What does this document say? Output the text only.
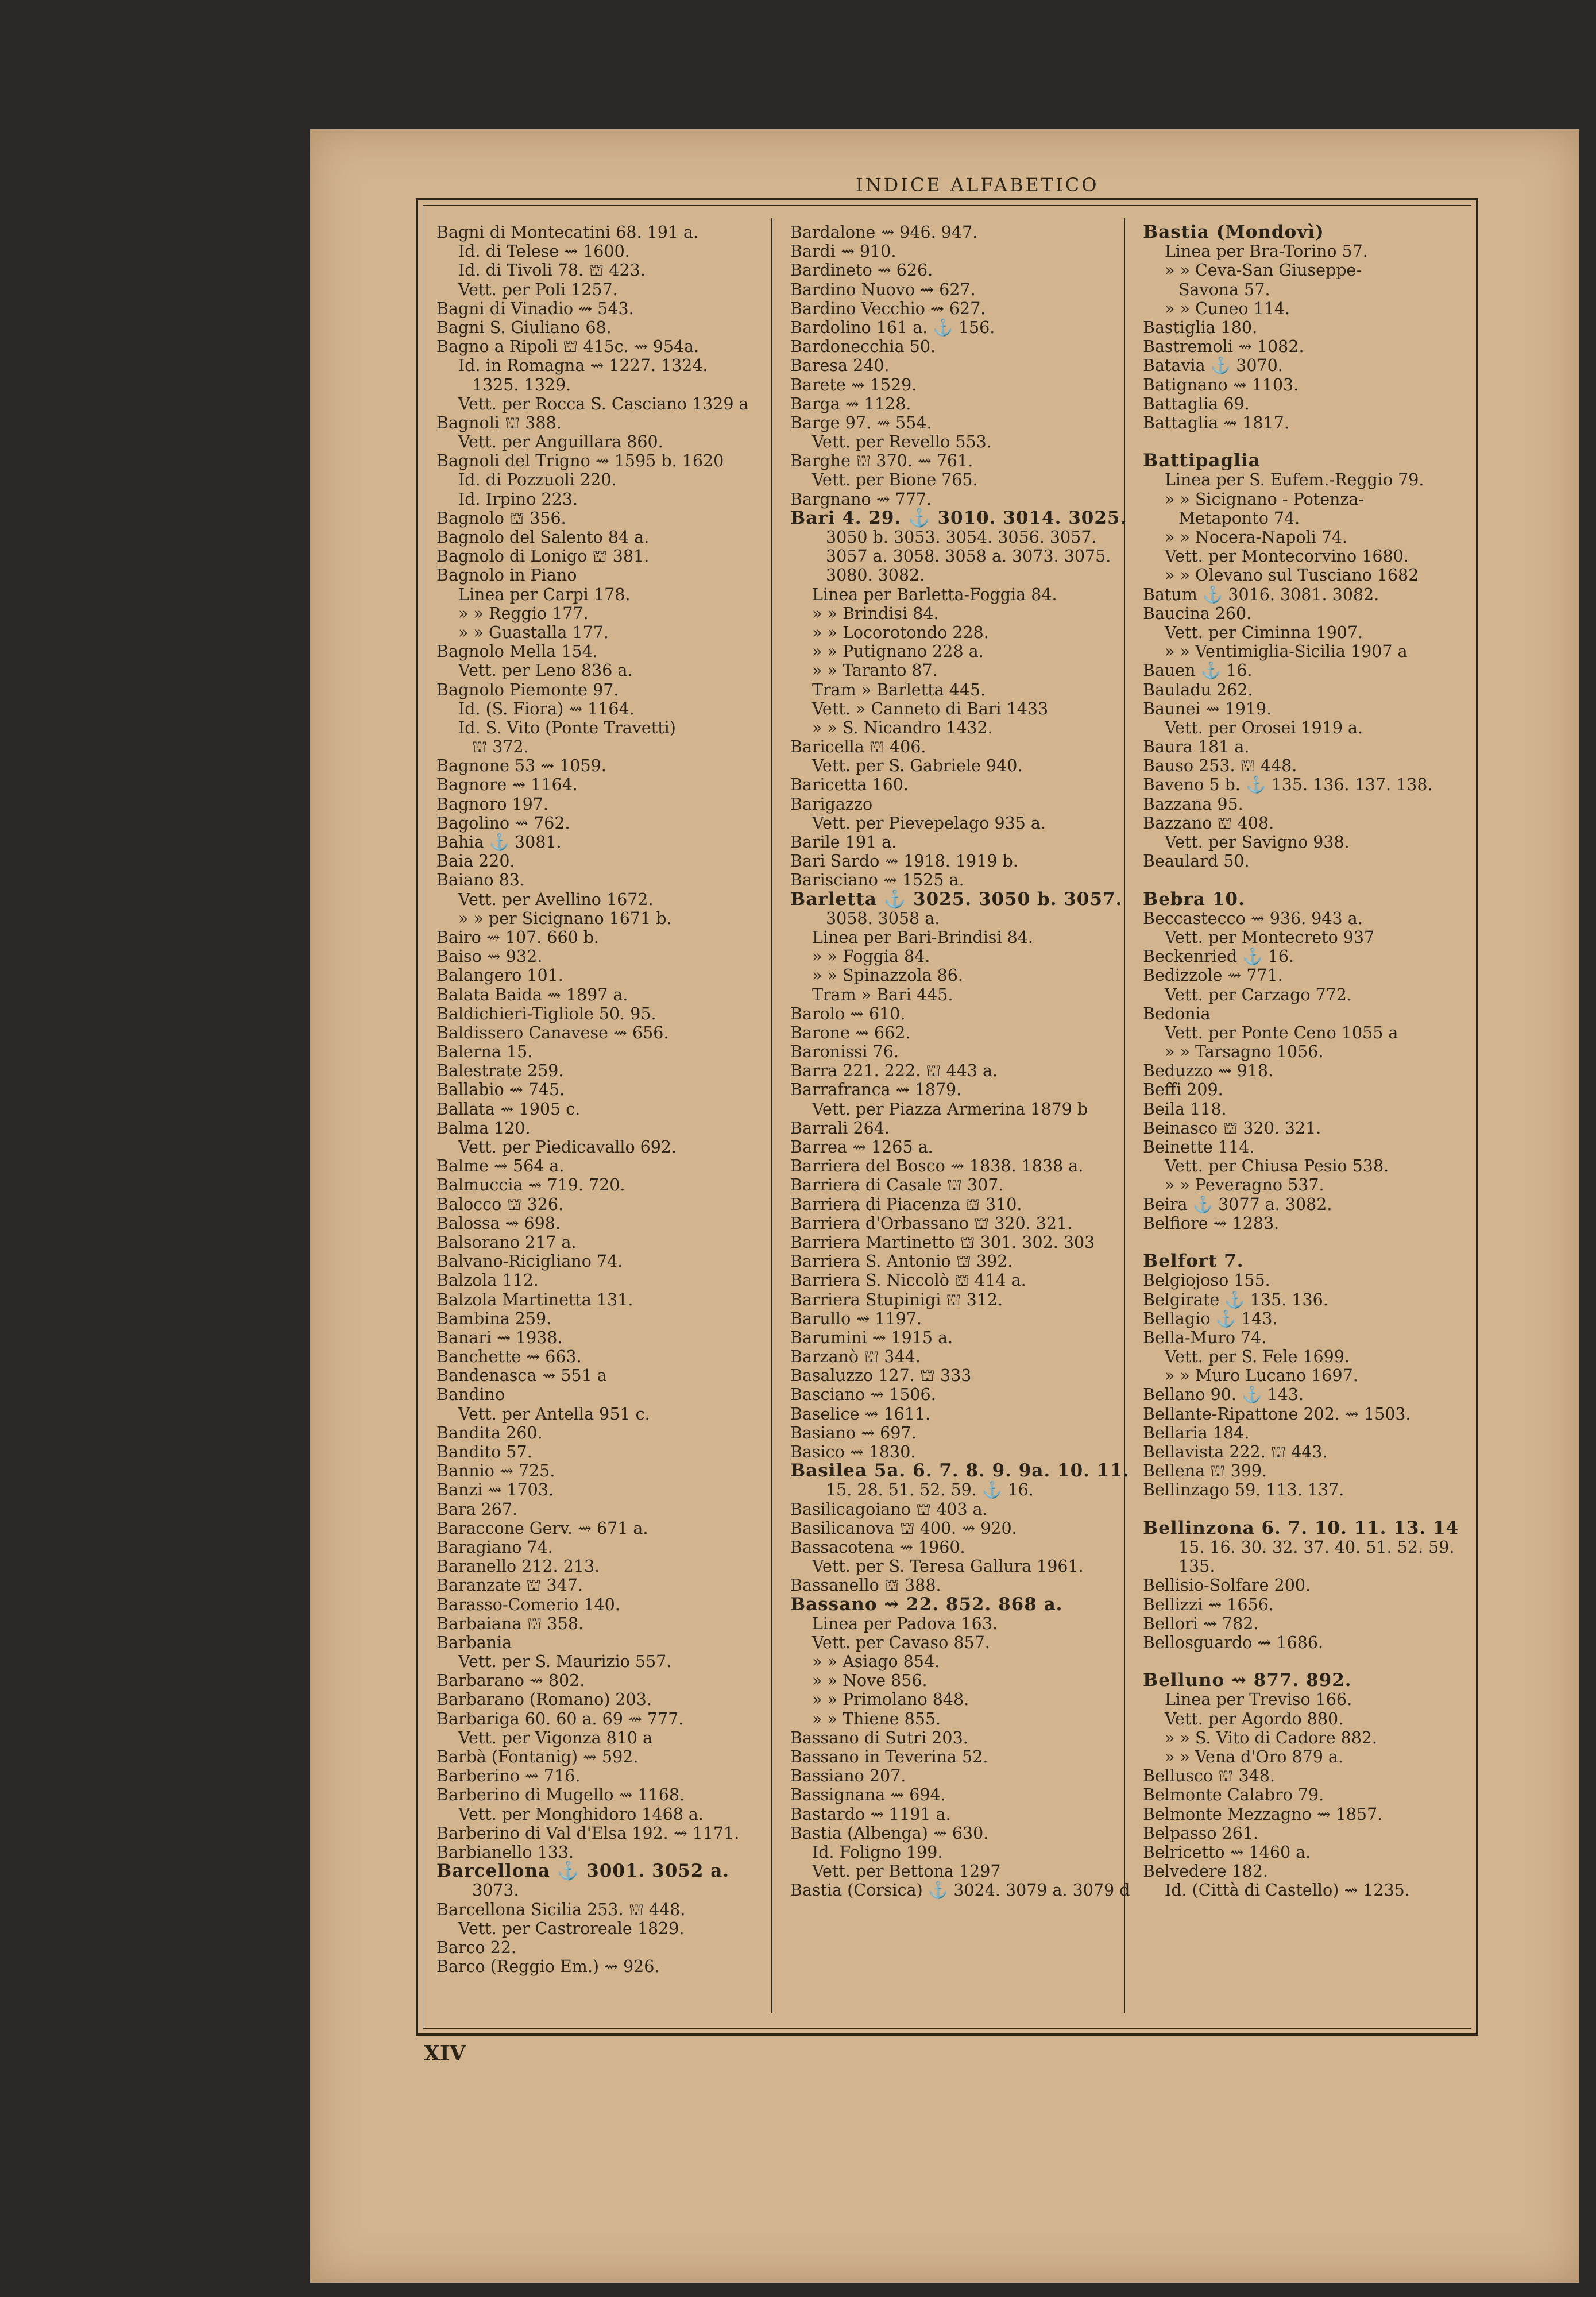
INDICE ALFABETICO
Bagni di Montecatini 68. 191 a.
Id. di Telese ⇝ 1600.
Id. di Tivoli 78. ⛫ 423.
Vett. per Poli 1257.
Bagni di Vinadio ⇝ 543.
Bagni S. Giuliano 68.
Bagno a Ripoli ⛫ 415c. ⇝ 954a.
Id. in Romagna ⇝ 1227. 1324.
1325. 1329.
Vett. per Rocca S. Casciano 1329 a
Bagnoli ⛫ 388.
Vett. per Anguillara 860.
Bagnoli del Trigno ⇝ 1595 b. 1620
Id. di Pozzuoli 220.
Id. Irpino 223.
Bagnolo ⛫ 356.
Bagnolo del Salento 84 a.
Bagnolo di Lonigo ⛫ 381.
Bagnolo in Piano
Linea per Carpi 178.
» » Reggio 177.
» » Guastalla 177.
Bagnolo Mella 154.
Vett. per Leno 836 a.
Bagnolo Piemonte 97.
Id. (S. Fiora) ⇝ 1164.
Id. S. Vito (Ponte Travetti)
⛫ 372.
Bagnone 53 ⇝ 1059.
Bagnore ⇝ 1164.
Bagnoro 197.
Bagolino ⇝ 762.
Bahia ⚓ 3081.
Baia 220.
Baiano 83.
Vett. per Avellino 1672.
» » per Sicignano 1671 b.
Bairo ⇝ 107. 660 b.
Baiso ⇝ 932.
Balangero 101.
Balata Baida ⇝ 1897 a.
Baldichieri-Tigliole 50. 95.
Baldissero Canavese ⇝ 656.
Balerna 15.
Balestrate 259.
Ballabio ⇝ 745.
Ballata ⇝ 1905 c.
Balma 120.
Vett. per Piedicavallo 692.
Balme ⇝ 564 a.
Balmuccia ⇝ 719. 720.
Balocco ⛫ 326.
Balossa ⇝ 698.
Balsorano 217 a.
Balvano-Ricigliano 74.
Balzola 112.
Balzola Martinetta 131.
Bambina 259.
Banari ⇝ 1938.
Banchette ⇝ 663.
Bandenasca ⇝ 551 a
Bandino
Vett. per Antella 951 c.
Bandita 260.
Bandito 57.
Bannio ⇝ 725.
Banzi ⇝ 1703.
Bara 267.
Baraccone Gerv. ⇝ 671 a.
Baragiano 74.
Baranello 212. 213.
Baranzate ⛫ 347.
Barasso-Comerio 140.
Barbaiana ⛫ 358.
Barbania
Vett. per S. Maurizio 557.
Barbarano ⇝ 802.
Barbarano (Romano) 203.
Barbariga 60. 60 a. 69 ⇝ 777.
Vett. per Vigonza 810 a
Barbà (Fontanig) ⇝ 592.
Barberino ⇝ 716.
Barberino di Mugello ⇝ 1168.
Vett. per Monghidoro 1468 a.
Barberino di Val d'Elsa 192. ⇝ 1171.
Barbianello 133.
Barcellona ⚓ 3001. 3052 a.
3073.
Barcellona Sicilia 253. ⛫ 448.
Vett. per Castroreale 1829.
Barco 22.
Barco (Reggio Em.) ⇝ 926.
Bardalone ⇝ 946. 947.
Bardi ⇝ 910.
Bardineto ⇝ 626.
Bardino Nuovo ⇝ 627.
Bardino Vecchio ⇝ 627.
Bardolino 161 a. ⚓ 156.
Bardonecchia 50.
Baresa 240.
Barete ⇝ 1529.
Barga ⇝ 1128.
Barge 97. ⇝ 554.
Vett. per Revello 553.
Barghe ⛫ 370. ⇝ 761.
Vett. per Bione 765.
Bargnano ⇝ 777.
Bari 4. 29. ⚓ 3010. 3014. 3025.
3050 b. 3053. 3054. 3056. 3057.
3057 a. 3058. 3058 a. 3073. 3075.
3080. 3082.
Linea per Barletta-Foggia 84.
» » Brindisi 84.
» » Locorotondo 228.
» » Putignano 228 a.
» » Taranto 87.
Tram » Barletta 445.
Vett. » Canneto di Bari 1433
» » S. Nicandro 1432.
Baricella ⛫ 406.
Vett. per S. Gabriele 940.
Baricetta 160.
Barigazzo
Vett. per Pievepelago 935 a.
Barile 191 a.
Bari Sardo ⇝ 1918. 1919 b.
Barisciano ⇝ 1525 a.
Barletta ⚓ 3025. 3050 b. 3057.
3058. 3058 a.
Linea per Bari-Brindisi 84.
» » Foggia 84.
» » Spinazzola 86.
Tram » Bari 445.
Barolo ⇝ 610.
Barone ⇝ 662.
Baronissi 76.
Barra 221. 222. ⛫ 443 a.
Barrafranca ⇝ 1879.
Vett. per Piazza Armerina 1879 b
Barrali 264.
Barrea ⇝ 1265 a.
Barriera del Bosco ⇝ 1838. 1838 a.
Barriera di Casale ⛫ 307.
Barriera di Piacenza ⛫ 310.
Barriera d'Orbassano ⛫ 320. 321.
Barriera Martinetto ⛫ 301. 302. 303
Barriera S. Antonio ⛫ 392.
Barriera S. Niccolò ⛫ 414 a.
Barriera Stupinigi ⛫ 312.
Barullo ⇝ 1197.
Barumini ⇝ 1915 a.
Barzanò ⛫ 344.
Basaluzzo 127. ⛫ 333
Basciano ⇝ 1506.
Baselice ⇝ 1611.
Basiano ⇝ 697.
Basico ⇝ 1830.
Basilea 5a. 6. 7. 8. 9. 9a. 10. 11.
15. 28. 51. 52. 59. ⚓ 16.
Basilicagoiano ⛫ 403 a.
Basilicanova ⛫ 400. ⇝ 920.
Bassacotena ⇝ 1960.
Vett. per S. Teresa Gallura 1961.
Bassanello ⛫ 388.
Bassano ⇝ 22. 852. 868 a.
Linea per Padova 163.
Vett. per Cavaso 857.
» » Asiago 854.
» » Nove 856.
» » Primolano 848.
» » Thiene 855.
Bassano di Sutri 203.
Bassano in Teverina 52.
Bassiano 207.
Bassignana ⇝ 694.
Bastardo ⇝ 1191 a.
Bastia (Albenga) ⇝ 630.
Id. Foligno 199.
Vett. per Bettona 1297
Bastia (Corsica) ⚓ 3024. 3079 a. 3079 d
Bastia (Mondovì)
Linea per Bra-Torino 57.
» » Ceva-San Giuseppe-
Savona 57.
» » Cuneo 114.
Bastiglia 180.
Bastremoli ⇝ 1082.
Batavia ⚓ 3070.
Batignano ⇝ 1103.
Battaglia 69.
Battaglia ⇝ 1817.
Battipaglia
Linea per S. Eufem.-Reggio 79.
» » Sicignano - Potenza-
Metaponto 74.
» » Nocera-Napoli 74.
Vett. per Montecorvino 1680.
» » Olevano sul Tusciano 1682
Batum ⚓ 3016. 3081. 3082.
Baucina 260.
Vett. per Ciminna 1907.
» » Ventimiglia-Sicilia 1907 a
Bauen ⚓ 16.
Bauladu 262.
Baunei ⇝ 1919.
Vett. per Orosei 1919 a.
Baura 181 a.
Bauso 253. ⛫ 448.
Baveno 5 b. ⚓ 135. 136. 137. 138.
Bazzana 95.
Bazzano ⛫ 408.
Vett. per Savigno 938.
Beaulard 50.
Bebra 10.
Beccastecco ⇝ 936. 943 a.
Vett. per Montecreto 937
Beckenried ⚓ 16.
Bedizzole ⇝ 771.
Vett. per Carzago 772.
Bedonia
Vett. per Ponte Ceno 1055 a
» » Tarsagno 1056.
Beduzzo ⇝ 918.
Beffi 209.
Beila 118.
Beinasco ⛫ 320. 321.
Beinette 114.
Vett. per Chiusa Pesio 538.
» » Peveragno 537.
Beira ⚓ 3077 a. 3082.
Belfiore ⇝ 1283.
Belfort 7.
Belgiojoso 155.
Belgirate ⚓ 135. 136.
Bellagio ⚓ 143.
Bella-Muro 74.
Vett. per S. Fele 1699.
» » Muro Lucano 1697.
Bellano 90. ⚓ 143.
Bellante-Ripattone 202. ⇝ 1503.
Bellaria 184.
Bellavista 222. ⛫ 443.
Bellena ⛫ 399.
Bellinzago 59. 113. 137.
Bellinzona 6. 7. 10. 11. 13. 14
15. 16. 30. 32. 37. 40. 51. 52. 59.
135.
Bellisio-Solfare 200.
Bellizzi ⇝ 1656.
Bellori ⇝ 782.
Bellosguardo ⇝ 1686.
Belluno ⇝ 877. 892.
Linea per Treviso 166.
Vett. per Agordo 880.
» » S. Vito di Cadore 882.
» » Vena d'Oro 879 a.
Bellusco ⛫ 348.
Belmonte Calabro 79.
Belmonte Mezzagno ⇝ 1857.
Belpasso 261.
Belricetto ⇝ 1460 a.
Belvedere 182.
Id. (Città di Castello) ⇝ 1235.
XIV
